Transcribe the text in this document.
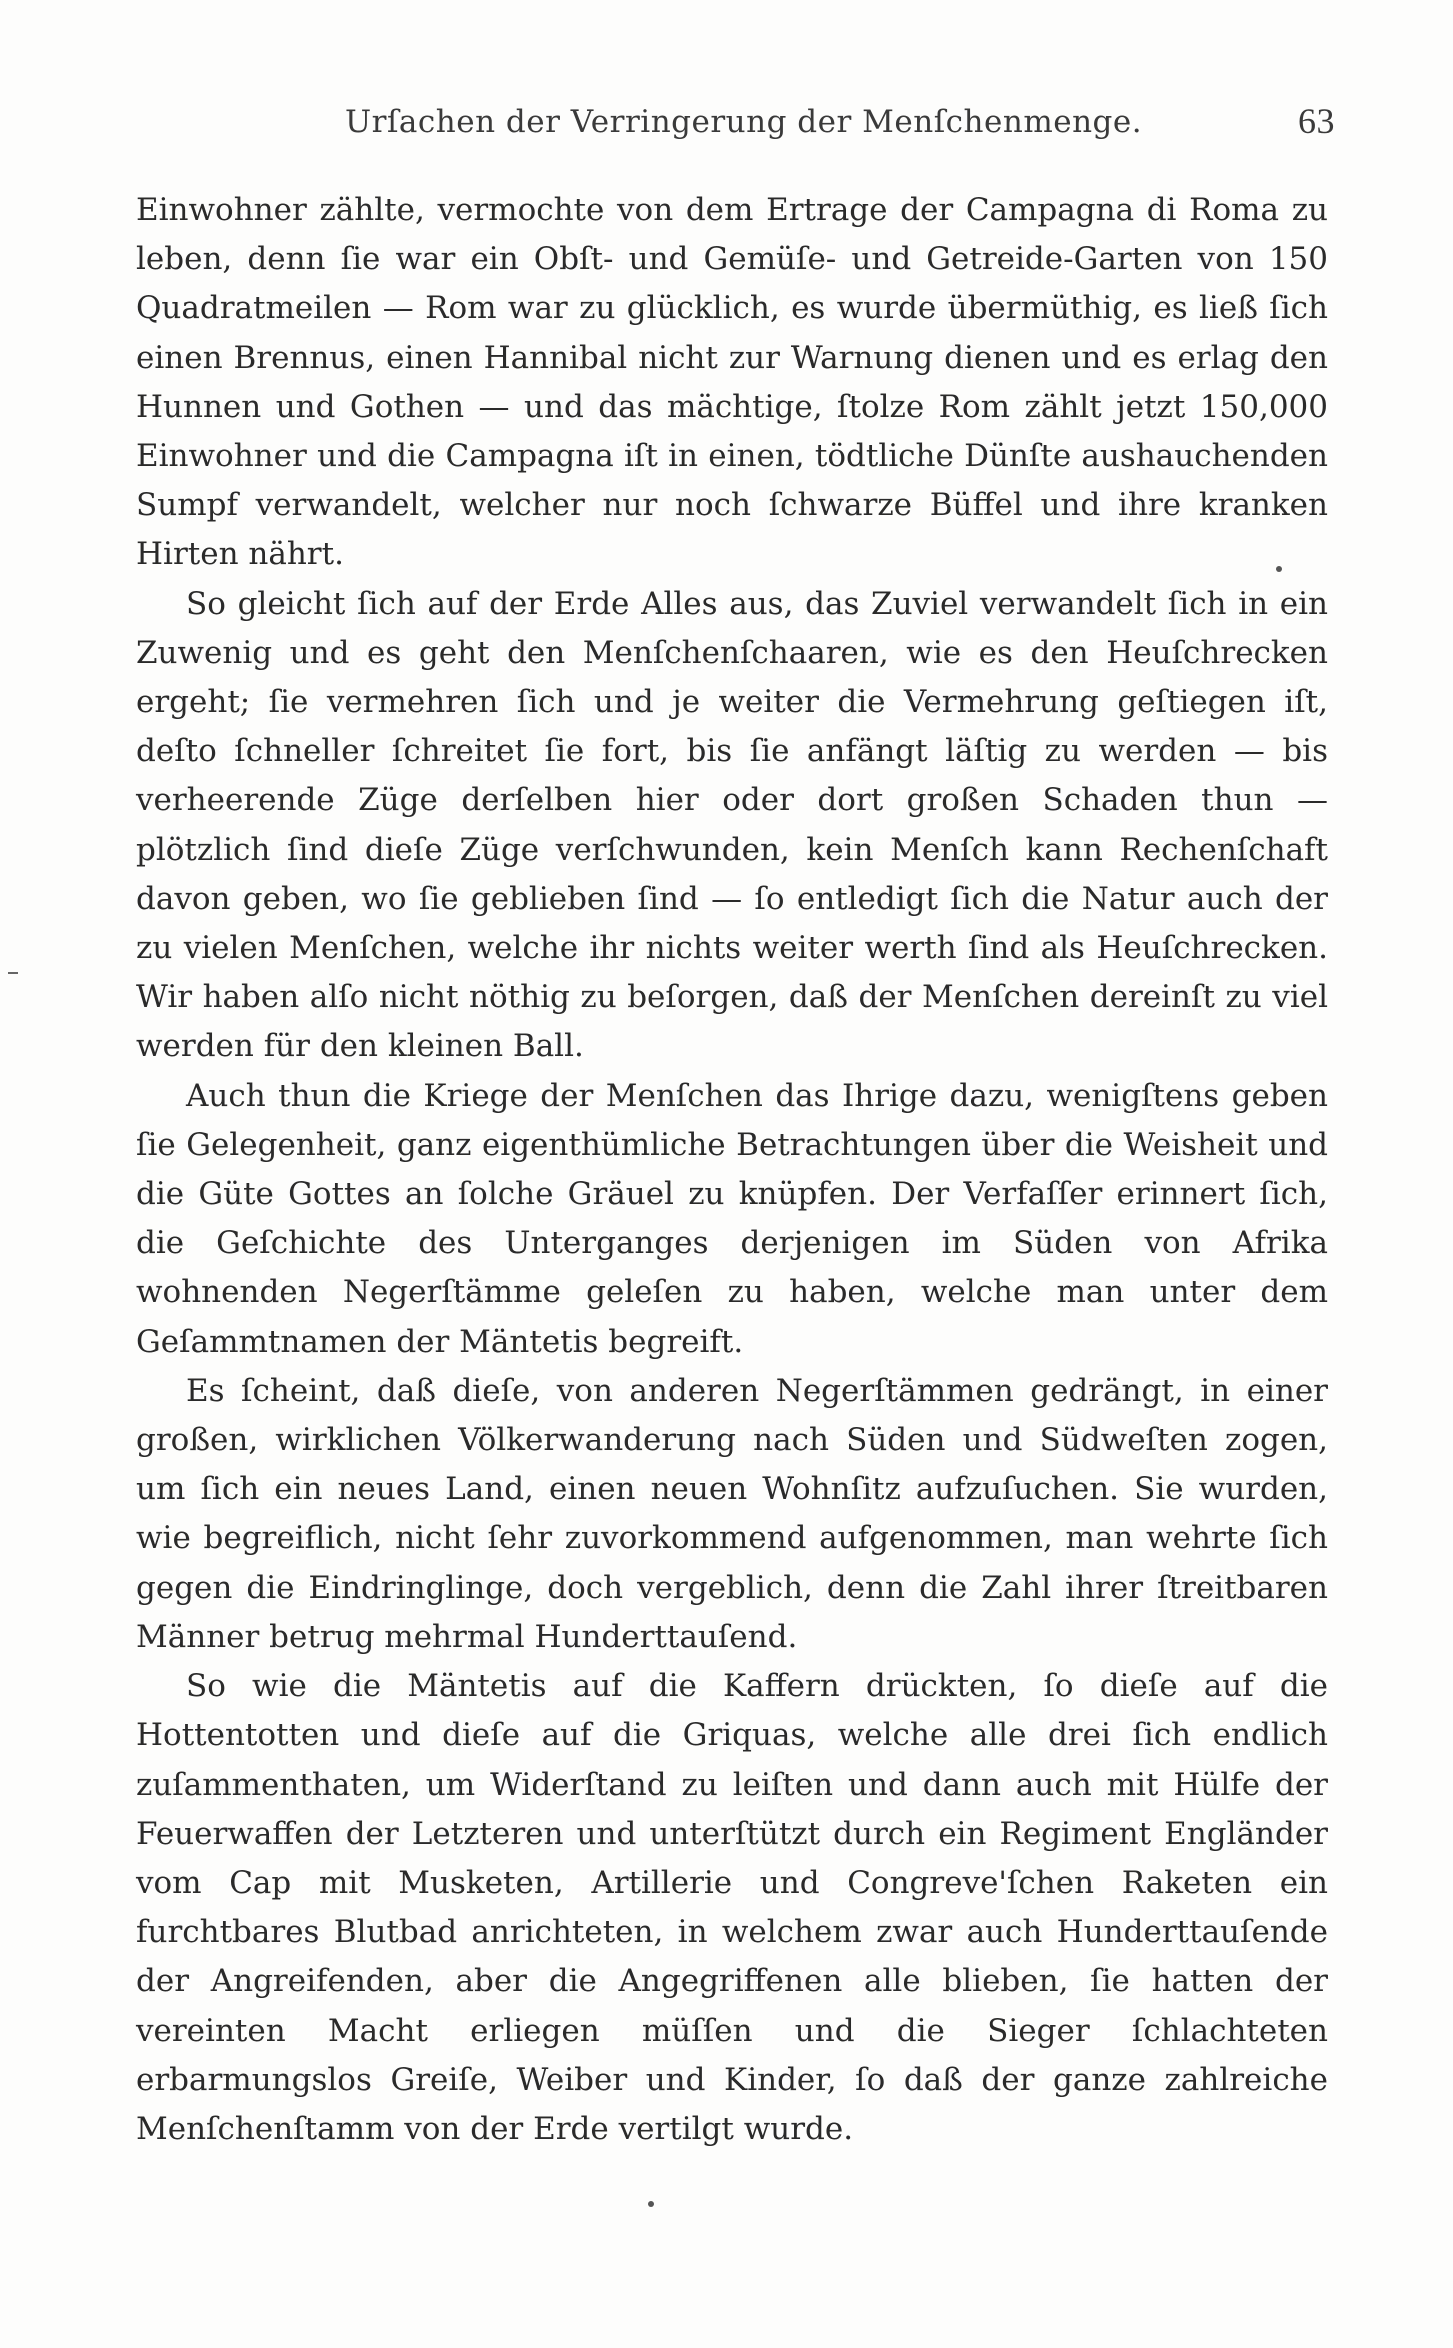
Urſachen der Verringerung der Menſchenmenge.	63

Einwohner zählte, vermochte von dem Ertrage der Campagna di Roma zu leben, denn ſie war ein Obſt- und Gemüſe- und Getreide-Garten von 150 Quadratmeilen — Rom war zu glücklich, es wurde übermüthig, es ließ ſich einen Brennus, einen Hannibal nicht zur Warnung dienen und es erlag den Hunnen und Gothen — und das mächtige, ſtolze Rom zählt jetzt 150,000 Einwohner und die Campagna iſt in einen, tödtliche Dünſte aushauchenden Sumpf verwandelt, welcher nur noch ſchwarze Büffel und ihre kranken Hirten nährt.

So gleicht ſich auf der Erde Alles aus, das Zuviel verwandelt ſich in ein Zuwenig und es geht den Menſchenſchaaren, wie es den Heuſchrecken ergeht; ſie vermehren ſich und je weiter die Vermehrung geſtiegen iſt, deſto ſchneller ſchreitet ſie fort, bis ſie anfängt läſtig zu werden — bis verheerende Züge derſelben hier oder dort großen Schaden thun — plötzlich ſind dieſe Züge verſchwunden, kein Menſch kann Rechenſchaft davon geben, wo ſie geblieben ſind — ſo entledigt ſich die Natur auch der zu vielen Menſchen, welche ihr nichts weiter werth ſind als Heuſchrecken. Wir haben alſo nicht nöthig zu beſorgen, daß der Menſchen dereinſt zu viel werden für den kleinen Ball.

Auch thun die Kriege der Menſchen das Ihrige dazu, wenigſtens geben ſie Gelegenheit, ganz eigenthümliche Betrachtungen über die Weisheit und die Güte Gottes an ſolche Gräuel zu knüpfen. Der Verfaſſer erinnert ſich, die Geſchichte des Unterganges derjenigen im Süden von Afrika wohnenden Negerſtämme geleſen zu haben, welche man unter dem Geſammtnamen der Mäntetis begreift.

Es ſcheint, daß dieſe, von anderen Negerſtämmen gedrängt, in einer großen, wirklichen Völkerwanderung nach Süden und Südweſten zogen, um ſich ein neues Land, einen neuen Wohnſitz aufzuſuchen. Sie wurden, wie begreiflich, nicht ſehr zuvorkommend aufgenommen, man wehrte ſich gegen die Eindringlinge, doch vergeblich, denn die Zahl ihrer ſtreitbaren Männer betrug mehrmal Hunderttauſend.

So wie die Mäntetis auf die Kaffern drückten, ſo dieſe auf die Hottentotten und dieſe auf die Griquas, welche alle drei ſich endlich zuſammenthaten, um Widerſtand zu leiſten und dann auch mit Hülfe der Feuerwaffen der Letzteren und unterſtützt durch ein Regiment Engländer vom Cap mit Musketen, Artillerie und Congreve'ſchen Raketen ein furchtbares Blutbad anrichteten, in welchem zwar auch Hunderttauſende der Angreifenden, aber die Angegriffenen alle blieben, ſie hatten der vereinten Macht erliegen müſſen und die Sieger ſchlachteten erbarmungslos Greiſe, Weiber und Kinder, ſo daß der ganze zahlreiche Menſchenſtamm von der Erde vertilgt wurde.
